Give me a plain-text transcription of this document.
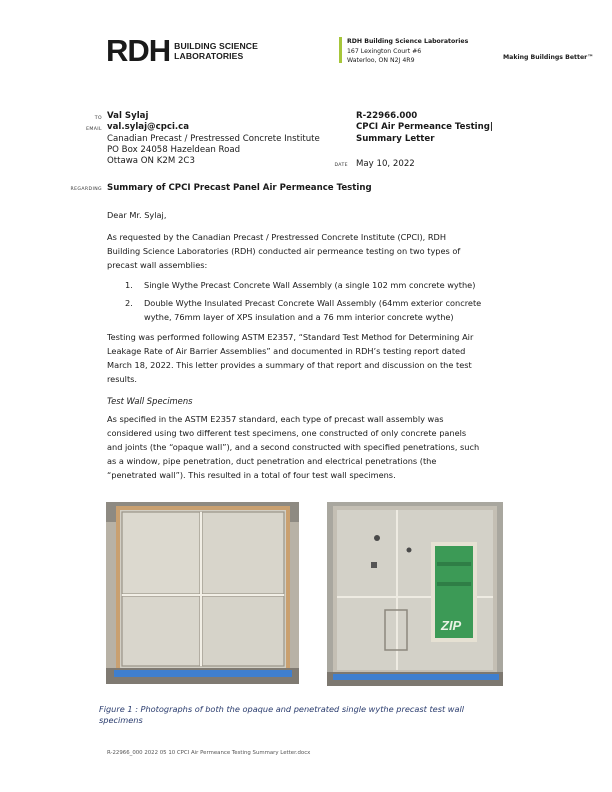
RDH BUILDING SCIENCE
LABORATORIES
RDH Building Science Laboratories
167 Lexington Court #6
Waterloo, ON N2J 4R9	Making Buildings Better™
TO
EMAIL
Val Sylaj
val.sylaj@cpci.ca
Canadian Precast / Prestressed Concrete Institute
PO Box 24058 Hazeldean Road
Ottawa ON K2M 2C3
R-22966.000
CPCI Air Permeance Testing|
Summary Letter
DATE May 10, 2022
REGARDING Summary of CPCI Precast Panel Air Permeance Testing
Dear Mr. Sylaj,
As requested by the Canadian Precast / Prestressed Concrete Institute (CPCI), RDH
Building Science Laboratories (RDH) conducted air permeance testing on two types of
precast wall assemblies:
1. Single Wythe Precast Concrete Wall Assembly (a single 102 mm concrete wythe)
2. Double Wythe Insulated Precast Concrete Wall Assembly (64mm exterior concrete
wythe, 76mm layer of XPS insulation and a 76 mm interior concrete wythe)
Testing was performed following ASTM E2357, “Standard Test Method for Determining Air
Leakage Rate of Air Barrier Assemblies” and documented in RDH’s testing report dated
March 18, 2022. This letter provides a summary of that report and discussion on the test
results.
Test Wall Specimens
As specified in the ASTM E2357 standard, each type of precast wall assembly was
considered using two different test specimens, one constructed of only concrete panels
and joints (the “opaque wall”), and a second constructed with specified penetrations, such
as a window, pipe penetration, duct penetration and electrical penetrations (the
“penetrated wall”). This resulted in a total of four test wall specimens.
ZIP
Figure 1 : Photographs of both the opaque and penetrated single wythe precast test wall
specimens
R-22966_000 2022 05 10 CPCI Air Permeance Testing Summary Letter.docx
